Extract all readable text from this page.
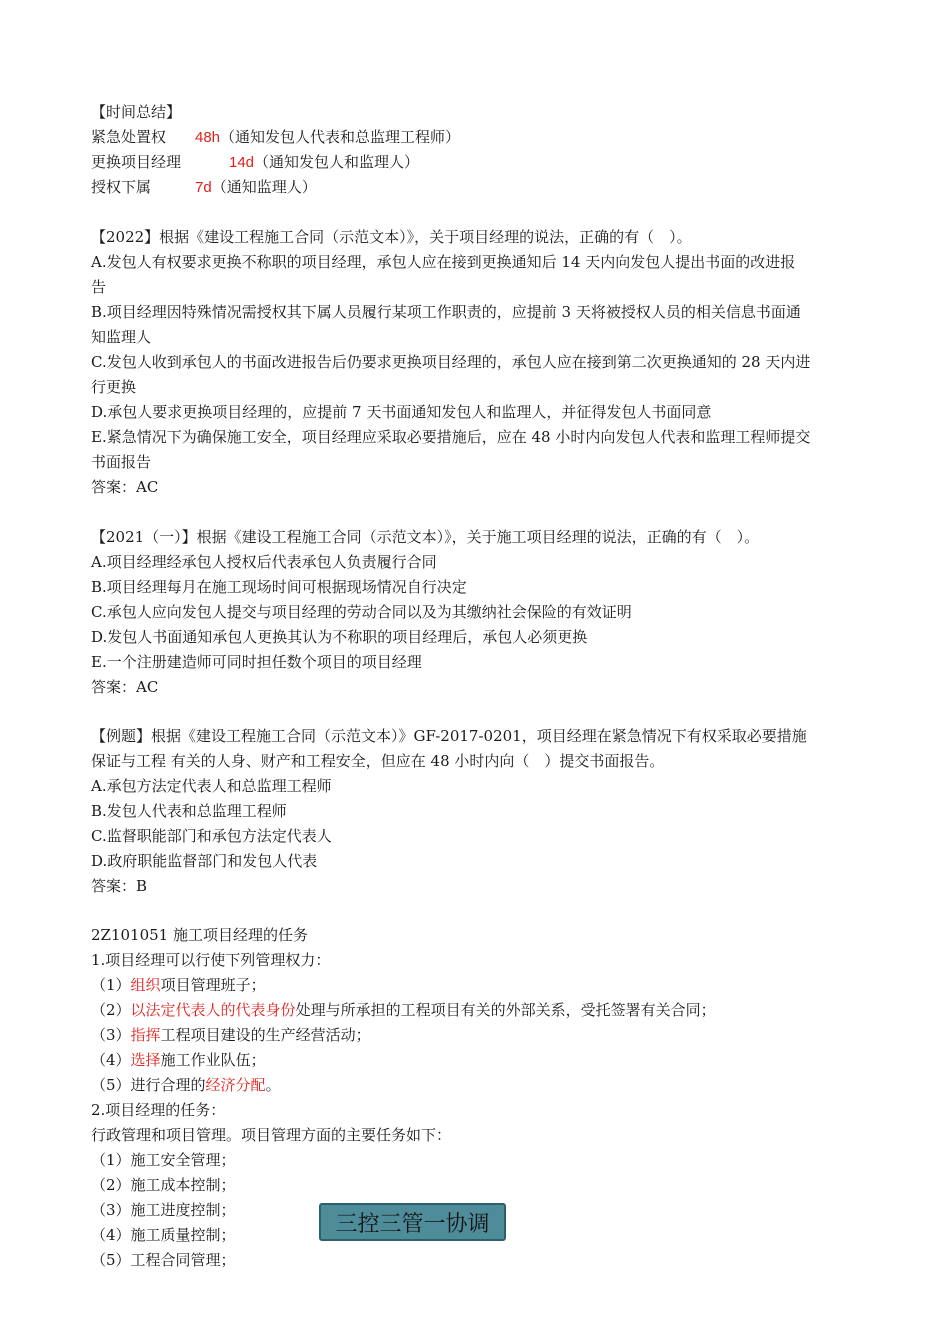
【时间总结】
紧急处置权 48h（通知发包人代表和总监理工程师）
更换项目经理	14d（通知发包人和监理人）
授权下属	7d（通知监理人）
【2022】根据《建设工程施工合同（示范文本）》，关于项目经理的说法，正确的有（　）。
A.发包人有权要求更换不称职的项目经理，承包人应在接到更换通知后 14 天内向发包人提出书面的改进报
告
B.项目经理因特殊情况需授权其下属人员履行某项工作职责的，应提前 3 天将被授权人员的相关信息书面通
知监理人
C.发包人收到承包人的书面改进报告后仍要求更换项目经理的，承包人应在接到第二次更换通知的 28 天内进
行更换
D.承包人要求更换项目经理的，应提前 7 天书面通知发包人和监理人，并征得发包人书面同意
E.紧急情况下为确保施工安全，项目经理应采取必要措施后，应在 48 小时内向发包人代表和监理工程师提交
书面报告
答案：AC
【2021（一）】根据《建设工程施工合同（示范文本）》，关于施工项目经理的说法，正确的有（　）。
A.项目经理经承包人授权后代表承包人负责履行合同
B.项目经理每月在施工现场时间可根据现场情况自行决定
C.承包人应向发包人提交与项目经理的劳动合同以及为其缴纳社会保险的有效证明
D.发包人书面通知承包人更换其认为不称职的项目经理后，承包人必须更换
E.一个注册建造师可同时担任数个项目的项目经理
答案：AC
【例题】根据《建设工程施工合同（示范文本）》GF-2017-0201，项目经理在紧急情况下有权采取必要措施
保证与工程 有关的人身、财产和工程安全，但应在 48 小时内向（　）提交书面报告。
A.承包方法定代表人和总监理工程师
B.发包人代表和总监理工程师
C.监督职能部门和承包方法定代表人
D.政府职能监督部门和发包人代表
答案：B
2Z101051 施工项目经理的任务
1.项目经理可以行使下列管理权力：
（1）组织项目管理班子；
（2）以法定代表人的代表身份处理与所承担的工程项目有关的外部关系，受托签署有关合同；
（3）指挥工程项目建设的生产经营活动；
（4）选择施工作业队伍；
（5）进行合理的经济分配。
2.项目经理的任务：
行政管理和项目管理。项目管理方面的主要任务如下：
（1）施工安全管理；
（2）施工成本控制；
（3）施工进度控制；
（4）施工质量控制；
（5）工程合同管理；
三控三管一协调
